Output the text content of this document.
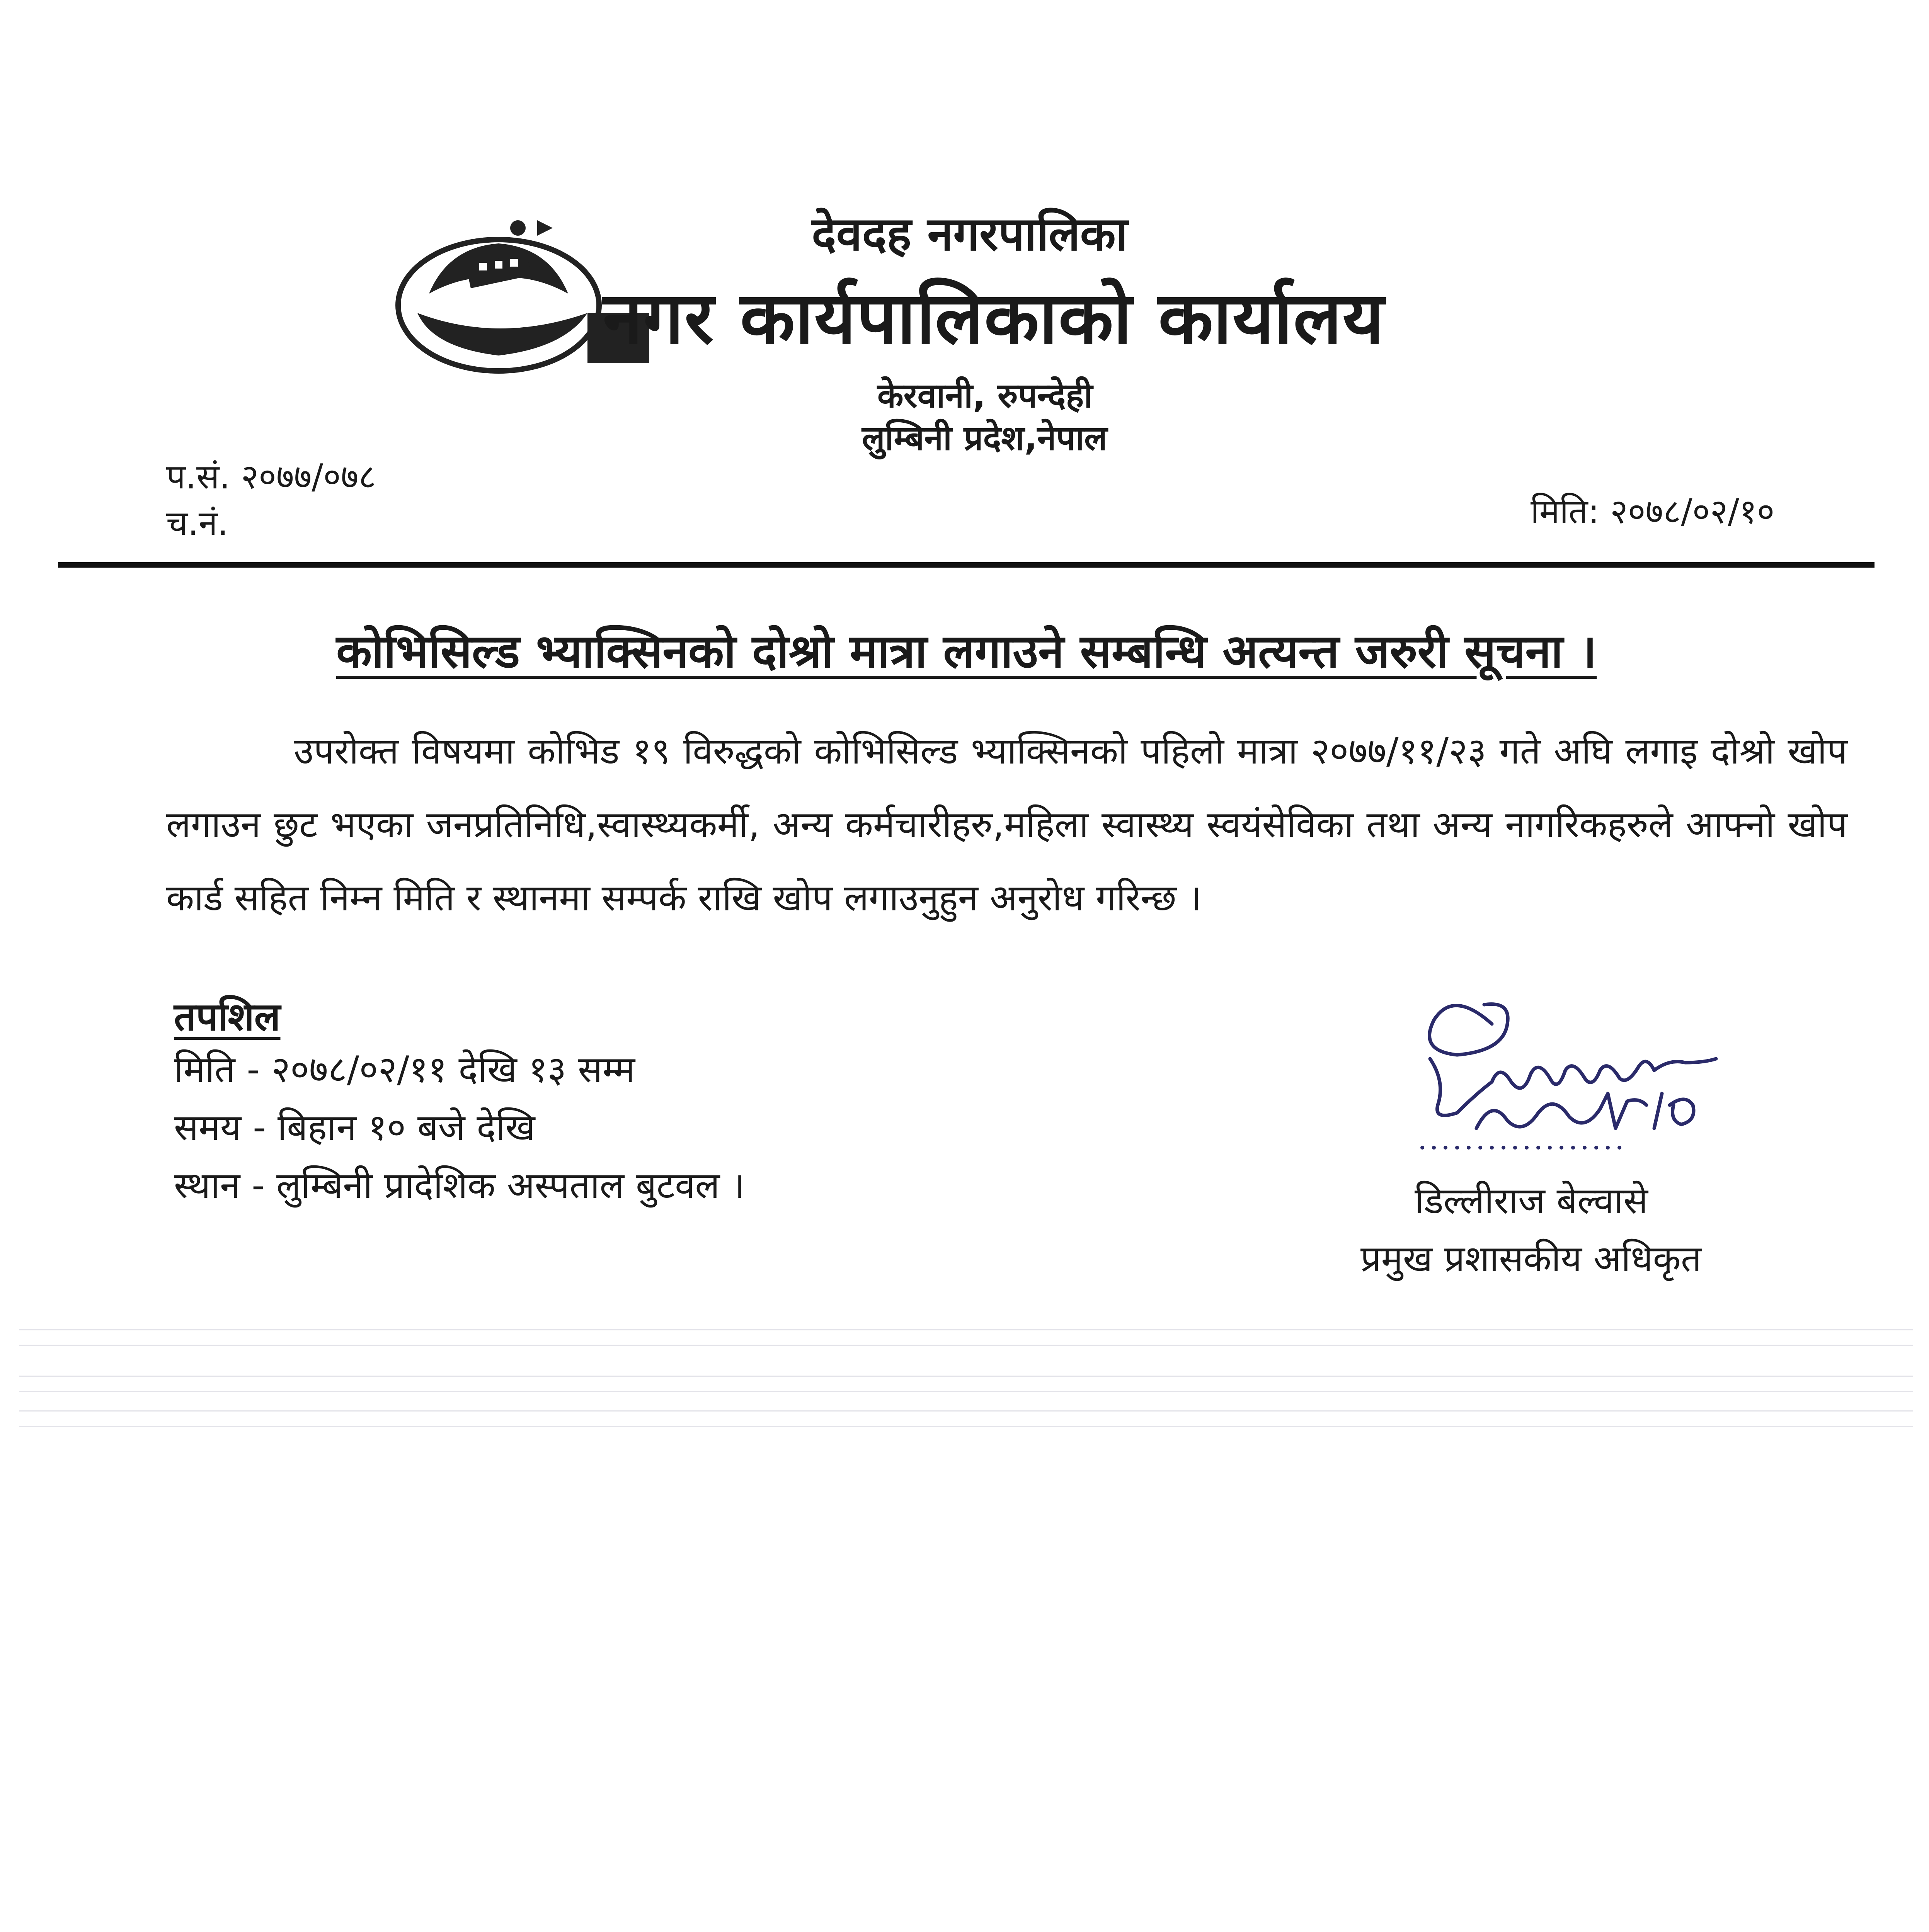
देवदह नगरपालिका
नगर कार्यपालिकाको कार्यालय
केरवानी, रुपन्देही
लुम्बिनी प्रदेश,नेपाल
प.सं. २०७७/०७८
च.नं.	मिति: २०७८/०२/१०
कोभिसिल्ड भ्याक्सिनको दोश्रो मात्रा लगाउने सम्बन्धि अत्यन्त जरुरी सूचना ।
उपरोक्त विषयमा कोभिड १९ विरुद्धको कोभिसिल्ड भ्याक्सिनको पहिलो मात्रा २०७७/११/२३ गते अघि लगाइ दोश्रो खोप लगाउन छुट भएका जनप्रतिनिधि,स्वास्थ्यकर्मी, अन्य कर्मचारीहरु,महिला स्वास्थ्य स्वयंसेविका तथा अन्य नागरिकहरुले आफ्नो खोप कार्ड सहित निम्न मिति र स्थानमा सम्पर्क राखि खोप लगाउनुहुन अनुरोध गरिन्छ ।
तपशिल
मिति - २०७८/०२/११ देखि १३ सम्म
समय - बिहान १० बजे देखि
स्थान - लुम्बिनी प्रादेशिक अस्पताल बुटवल ।	डिल्लीराज बेल्वासे
प्रमुख प्रशासकीय अधिकृत
